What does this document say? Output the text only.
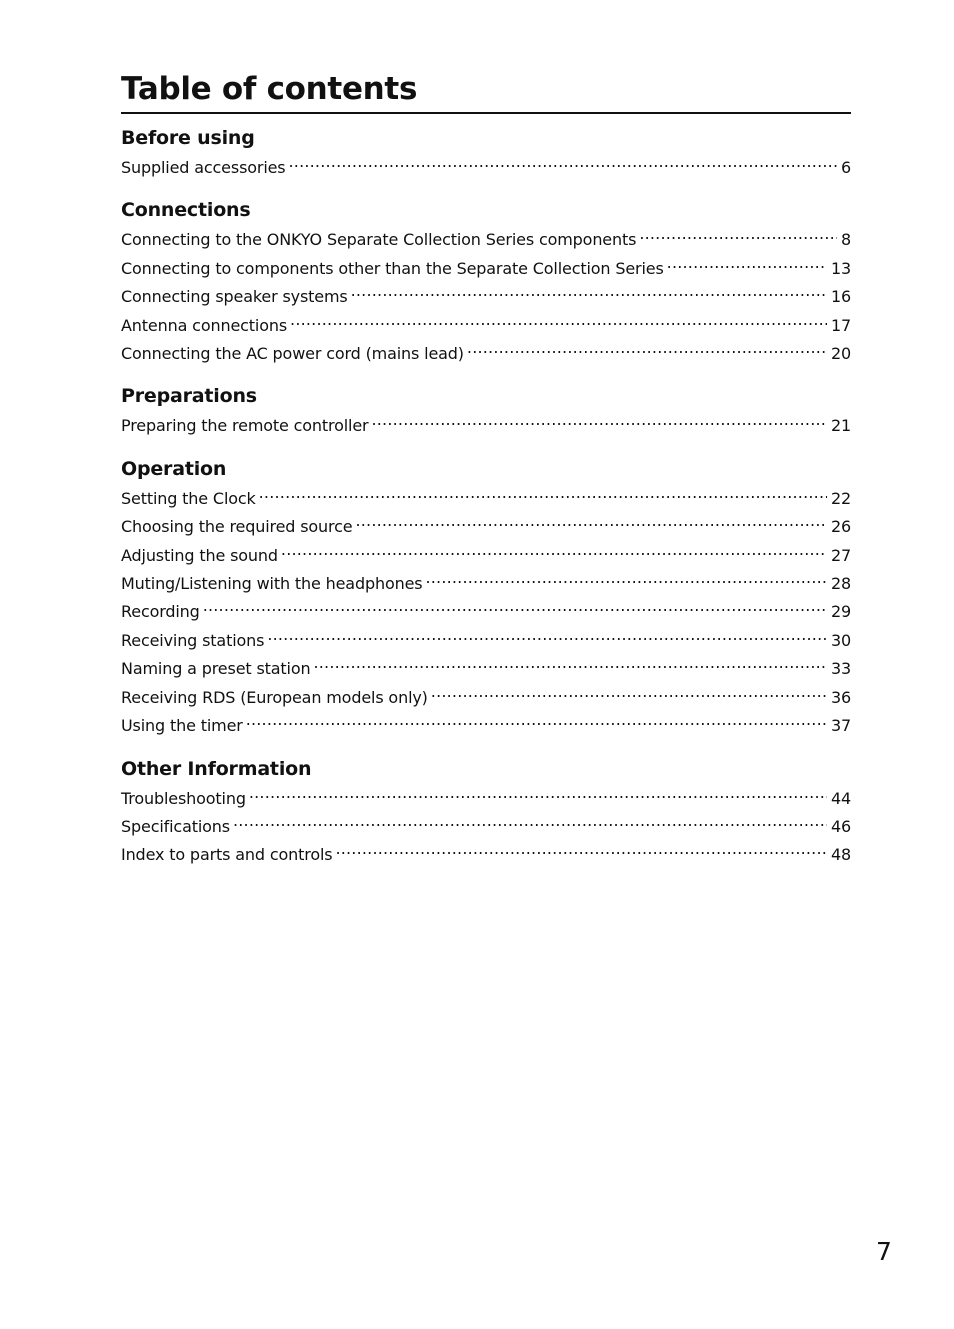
Table of contents
Before using
Supplied accessories .....	6
Connections
Connecting to the ONKYO Separate Collection Series components .....	8
Connecting to components other than the Separate Collection Series .....	13
Connecting speaker systems .....	16
Antenna connections .....	17
Connecting the AC power cord (mains lead) .....	20
Preparations
Preparing the remote controller .....	21
Operation
Setting the Clock .....	22
Choosing the required source .....	26
Adjusting the sound .....	27
Muting/Listening with the headphones .....	28
Recording .....	29
Receiving stations .....	30
Naming a preset station .....	33
Receiving RDS (European models only) .....	36
Using the timer .....	37
Other Information
Troubleshooting .....	44
Specifications .....	46
Index to parts and controls .....	48
7
